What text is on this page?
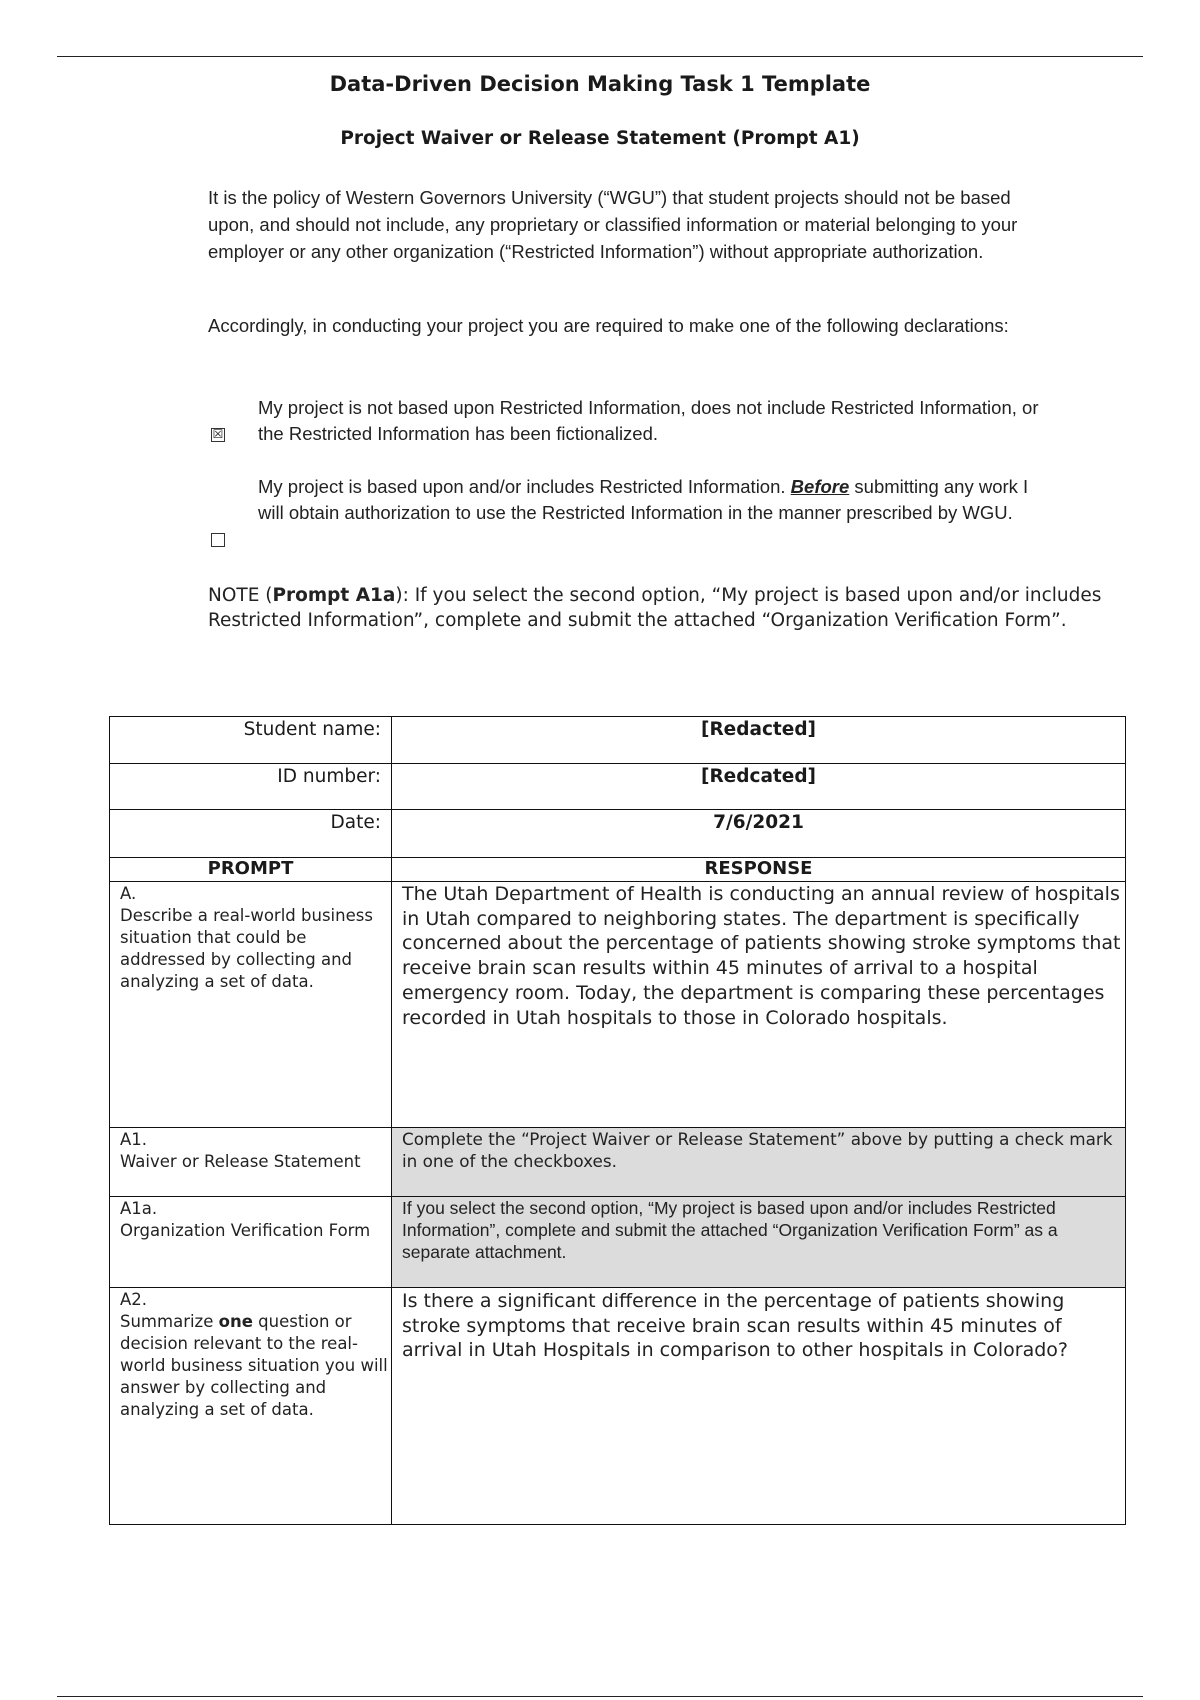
Data-Driven Decision Making Task 1 Template
Project Waiver or Release Statement (Prompt A1)
It is the policy of Western Governors University (“WGU”) that student projects should not be based upon, and should not include, any proprietary or classified information or material belonging to your employer or any other organization (“Restricted Information”) without appropriate authorization.
Accordingly, in conducting your project you are required to make one of the following declarations:
☒
My project is not based upon Restricted Information, does not include Restricted Information, or the Restricted Information has been fictionalized.
My project is based upon and/or includes Restricted Information. Before submitting any work I will obtain authorization to use the Restricted Information in the manner prescribed by WGU.
NOTE (Prompt A1a): If you select the second option, “My project is based upon and/or includes Restricted Information”, complete and submit the attached “Organization Verification Form”.
Student name:	[Redacted]
ID number:	[Redcated]
Date:	7/6/2021
PROMPT	RESPONSE

A.
Describe a real-world business situation that could be addressed by collecting and analyzing a set of data.	The Utah Department of Health is conducting an annual review of hospitals in Utah compared to neighboring states. The department is specifically concerned about the percentage of patients showing stroke symptoms that receive brain scan results within 45 minutes of arrival to a hospital emergency room. Today, the department is comparing these percentages recorded in Utah hospitals to those in Colorado hospitals.

A1.
Waiver or Release Statement	Complete the “Project Waiver or Release Statement” above by putting a check mark in one of the checkboxes.

A1a.
Organization Verification Form	If you select the second option, “My project is based upon and/or includes Restricted Information”, complete and submit the attached “Organization Verification Form” as a separate attachment.

A2.
Summarize one question or decision relevant to the real-world business situation you will answer by collecting and analyzing a set of data.	Is there a significant difference in the percentage of patients showing stroke symptoms that receive brain scan results within 45 minutes of arrival in Utah Hospitals in comparison to other hospitals in Colorado?
